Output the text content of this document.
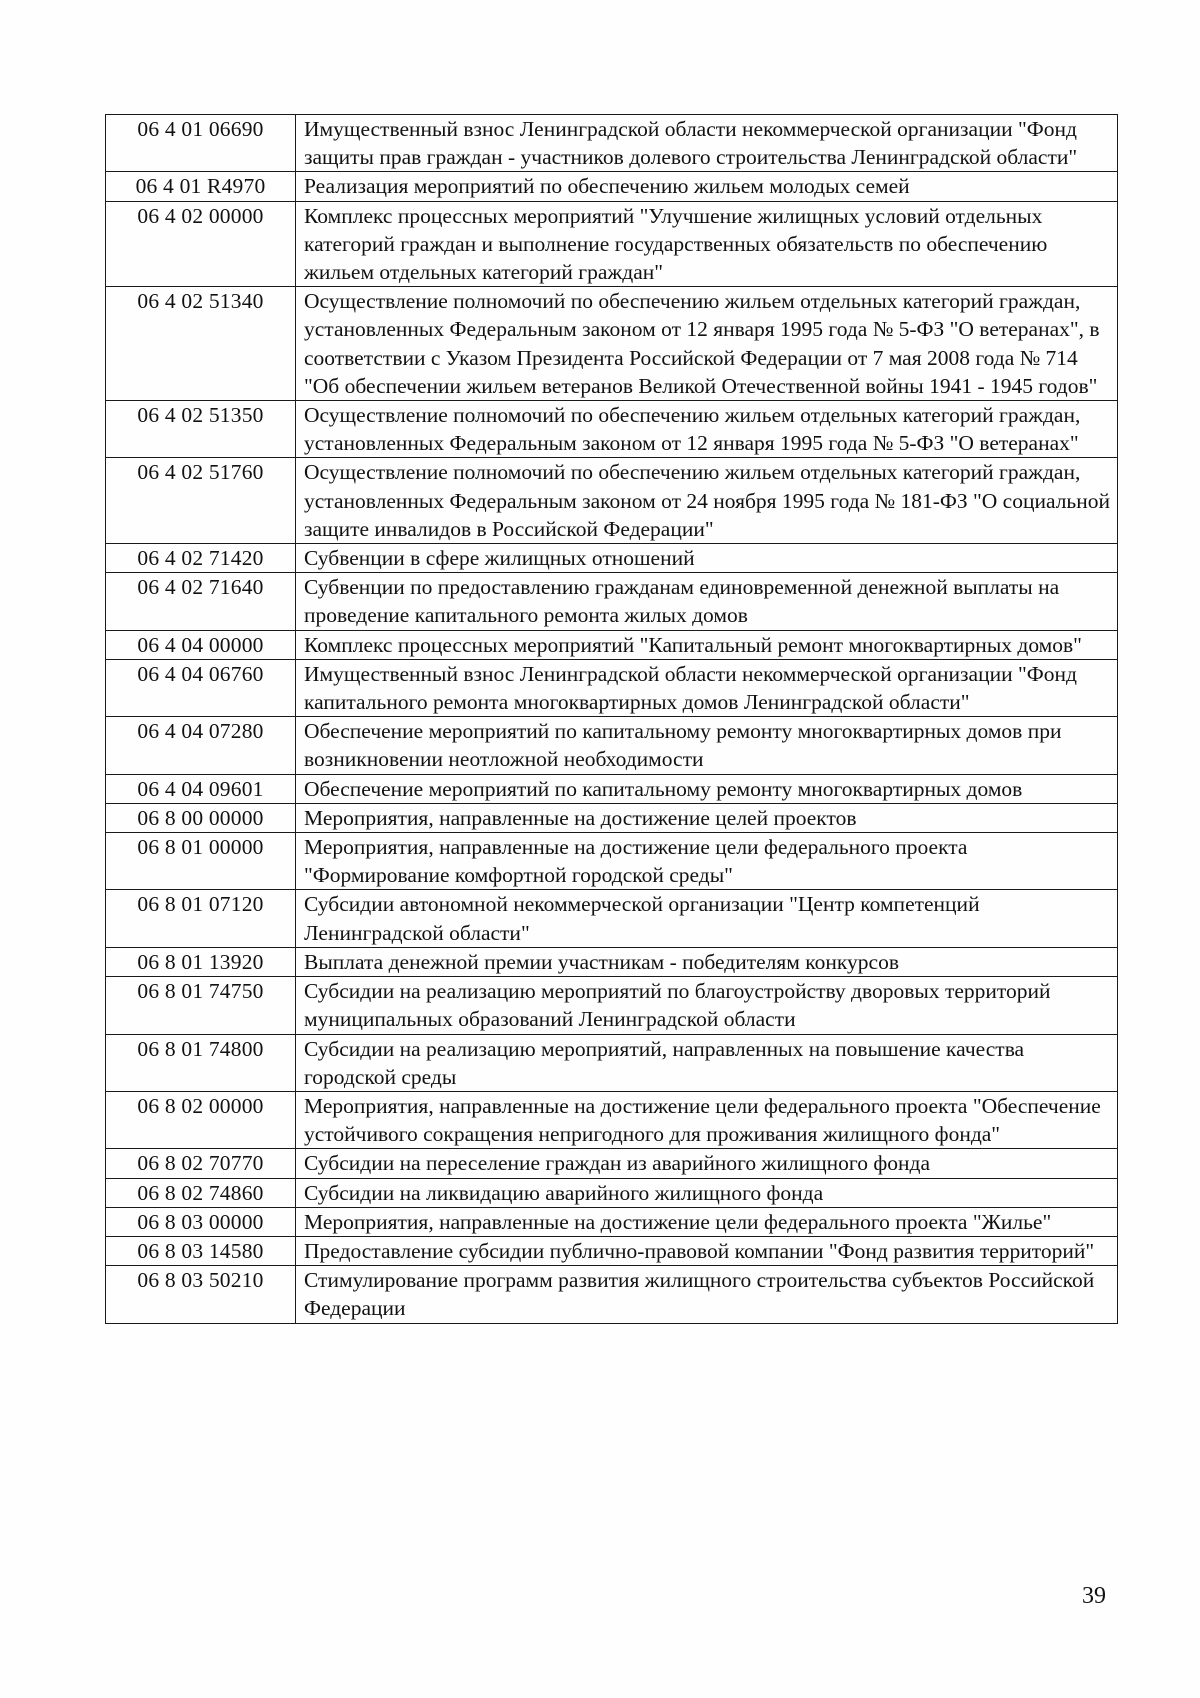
06 4 01 06690	Имущественный взнос Ленинградской области некоммерческой организации "Фонд защиты прав граждан - участников долевого строительства Ленинградской области"
06 4 01 R4970	Реализация мероприятий по обеспечению жильем молодых семей
06 4 02 00000	Комплекс процессных мероприятий "Улучшение жилищных условий отдельных категорий граждан и выполнение государственных обязательств по обеспечению жильем отдельных категорий граждан"
06 4 02 51340	Осуществление полномочий по обеспечению жильем отдельных категорий граждан, установленных Федеральным законом от 12 января 1995 года № 5-ФЗ "О ветеранах", в соответствии с Указом Президента Российской Федерации от 7 мая 2008 года № 714 "Об обеспечении жильем ветеранов Великой Отечественной войны 1941 - 1945 годов"
06 4 02 51350	Осуществление полномочий по обеспечению жильем отдельных категорий граждан, установленных Федеральным законом от 12 января 1995 года № 5-ФЗ "О ветеранах"
06 4 02 51760	Осуществление полномочий по обеспечению жильем отдельных категорий граждан, установленных Федеральным законом от 24 ноября 1995 года № 181-ФЗ "О социальной защите инвалидов в Российской Федерации"
06 4 02 71420	Субвенции в сфере жилищных отношений
06 4 02 71640	Субвенции по предоставлению гражданам единовременной денежной выплаты на проведение капитального ремонта жилых домов
06 4 04 00000	Комплекс процессных мероприятий "Капитальный ремонт многоквартирных домов"
06 4 04 06760	Имущественный взнос Ленинградской области некоммерческой организации "Фонд капитального ремонта многоквартирных домов Ленинградской области"
06 4 04 07280	Обеспечение мероприятий по капитальному ремонту многоквартирных домов при возникновении неотложной необходимости
06 4 04 09601	Обеспечение мероприятий по капитальному ремонту многоквартирных домов
06 8 00 00000	Мероприятия, направленные на достижение целей проектов
06 8 01 00000	Мероприятия, направленные на достижение цели федерального проекта "Формирование комфортной городской среды"
06 8 01 07120	Субсидии автономной некоммерческой организации "Центр компетенций Ленинградской области"
06 8 01 13920	Выплата денежной премии участникам - победителям конкурсов
06 8 01 74750	Субсидии на реализацию мероприятий по благоустройству дворовых территорий муниципальных образований Ленинградской области
06 8 01 74800	Субсидии на реализацию мероприятий, направленных на повышение качества городской среды
06 8 02 00000	Мероприятия, направленные на достижение цели федерального проекта "Обеспечение устойчивого сокращения непригодного для проживания жилищного фонда"
06 8 02 70770	Субсидии на переселение граждан из аварийного жилищного фонда
06 8 02 74860	Субсидии на ликвидацию аварийного жилищного фонда
06 8 03 00000	Мероприятия, направленные на достижение цели федерального проекта "Жилье"
06 8 03 14580	Предоставление субсидии публично-правовой компании "Фонд развития территорий"
06 8 03 50210	Стимулирование программ развития жилищного строительства субъектов Российской Федерации
39
